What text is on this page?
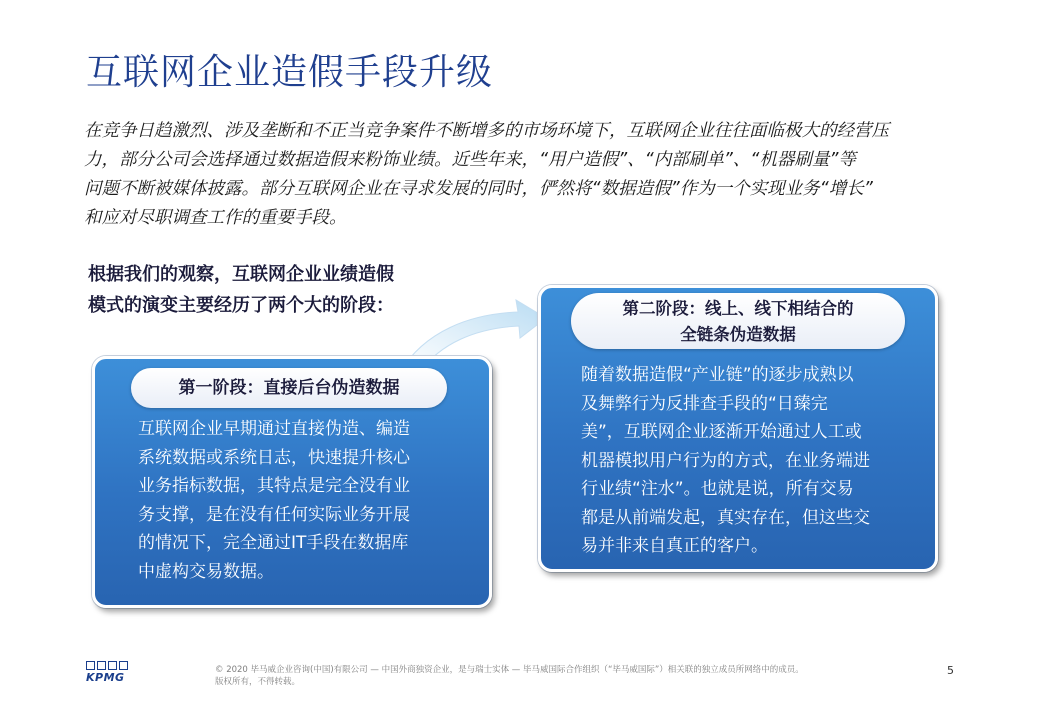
互联网企业造假手段升级

在竞争日趋激烈、涉及垄断和不正当竞争案件不断增多的市场环境下，互联网企业往往面临极大的经营压

力，部分公司会选择通过数据造假来粉饰业绩。近些年来，“用户造假”、“内部刷单”、“机器刷量”等

问题不断被媒体披露。部分互联网企业在寻求发展的同时，俨然将“数据造假”作为一个实现业务“增长”

和应对尽职调查工作的重要手段。

根据我们的观察，互联网企业业绩造假

模式的演变主要经历了两个大的阶段：

第一阶段：直接后台伪造数据

互联网企业早期通过直接伪造、编造

系统数据或系统日志，快速提升核心

业务指标数据，其特点是完全没有业

务支撑，是在没有任何实际业务开展

的情况下，完全通过IT手段在数据库

中虚构交易数据。

第二阶段：线上、线下相结合的
全链条伪造数据

随着数据造假“产业链”的逐步成熟以

及舞弊行为反排查手段的“日臻完

美”，互联网企业逐渐开始通过人工或

机器模拟用户行为的方式，在业务端进

行业绩“注水”。也就是说，所有交易

都是从前端发起，真实存在，但这些交

易并非来自真正的客户。

KPMG

© 2020 毕马威企业咨询(中国)有限公司 — 中国外商独资企业，是与瑞士实体 — 毕马威国际合作组织（“毕马威国际”）相关联的独立成员所网络中的成员。

版权所有，不得转载。

5
